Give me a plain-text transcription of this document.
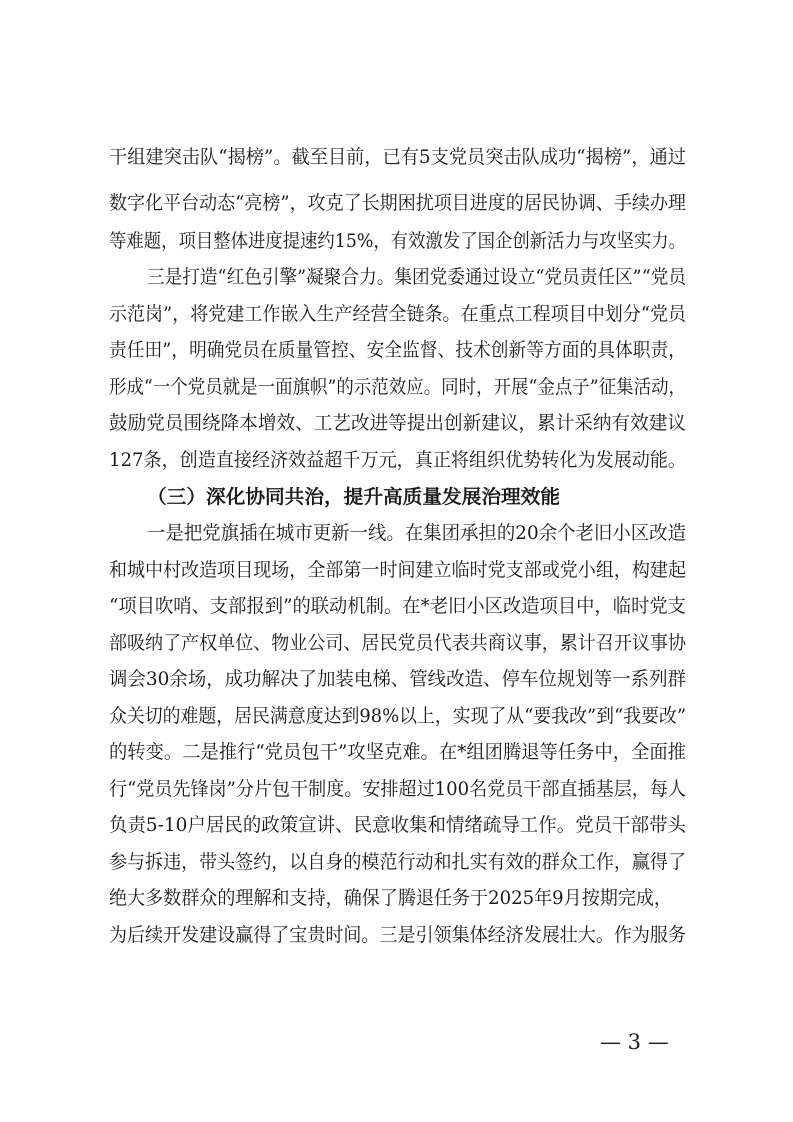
干组建突击队“揭榜”。截至目前，已有5支党员突击队成功“揭榜”，通过
数字化平台动态“亮榜”，攻克了长期困扰项目进度的居民协调、手续办理
等难题，项目整体进度提速约15%，有效激发了国企创新活力与攻坚实力。
三是打造“红色引擎”凝聚合力。集团党委通过设立“党员责任区”“党员
示范岗”，将党建工作嵌入生产经营全链条。在重点工程项目中划分“党员
责任田”，明确党员在质量管控、安全监督、技术创新等方面的具体职责，
形成“一个党员就是一面旗帜”的示范效应。同时，开展“金点子”征集活动，
鼓励党员围绕降本增效、工艺改进等提出创新建议，累计采纳有效建议
127条，创造直接经济效益超千万元，真正将组织优势转化为发展动能。
（三）深化协同共治，提升高质量发展治理效能
一是把党旗插在城市更新一线。在集团承担的20余个老旧小区改造
和城中村改造项目现场，全部第一时间建立临时党支部或党小组，构建起
“项目吹哨、支部报到”的联动机制。在*老旧小区改造项目中，临时党支
部吸纳了产权单位、物业公司、居民党员代表共商议事，累计召开议事协
调会30余场，成功解决了加装电梯、管线改造、停车位规划等一系列群
众关切的难题，居民满意度达到98%以上，实现了从“要我改”到“我要改”
的转变。二是推行“党员包干”攻坚克难。在*组团腾退等任务中，全面推
行“党员先锋岗”分片包干制度。安排超过100名党员干部直插基层，每人
负责5-10户居民的政策宣讲、民意收集和情绪疏导工作。党员干部带头
参与拆违，带头签约，以自身的模范行动和扎实有效的群众工作，赢得了
绝大多数群众的理解和支持，确保了腾退任务于2025年9月按期完成，
为后续开发建设赢得了宝贵时间。三是引领集体经济发展壮大。作为服务
— 3 —
